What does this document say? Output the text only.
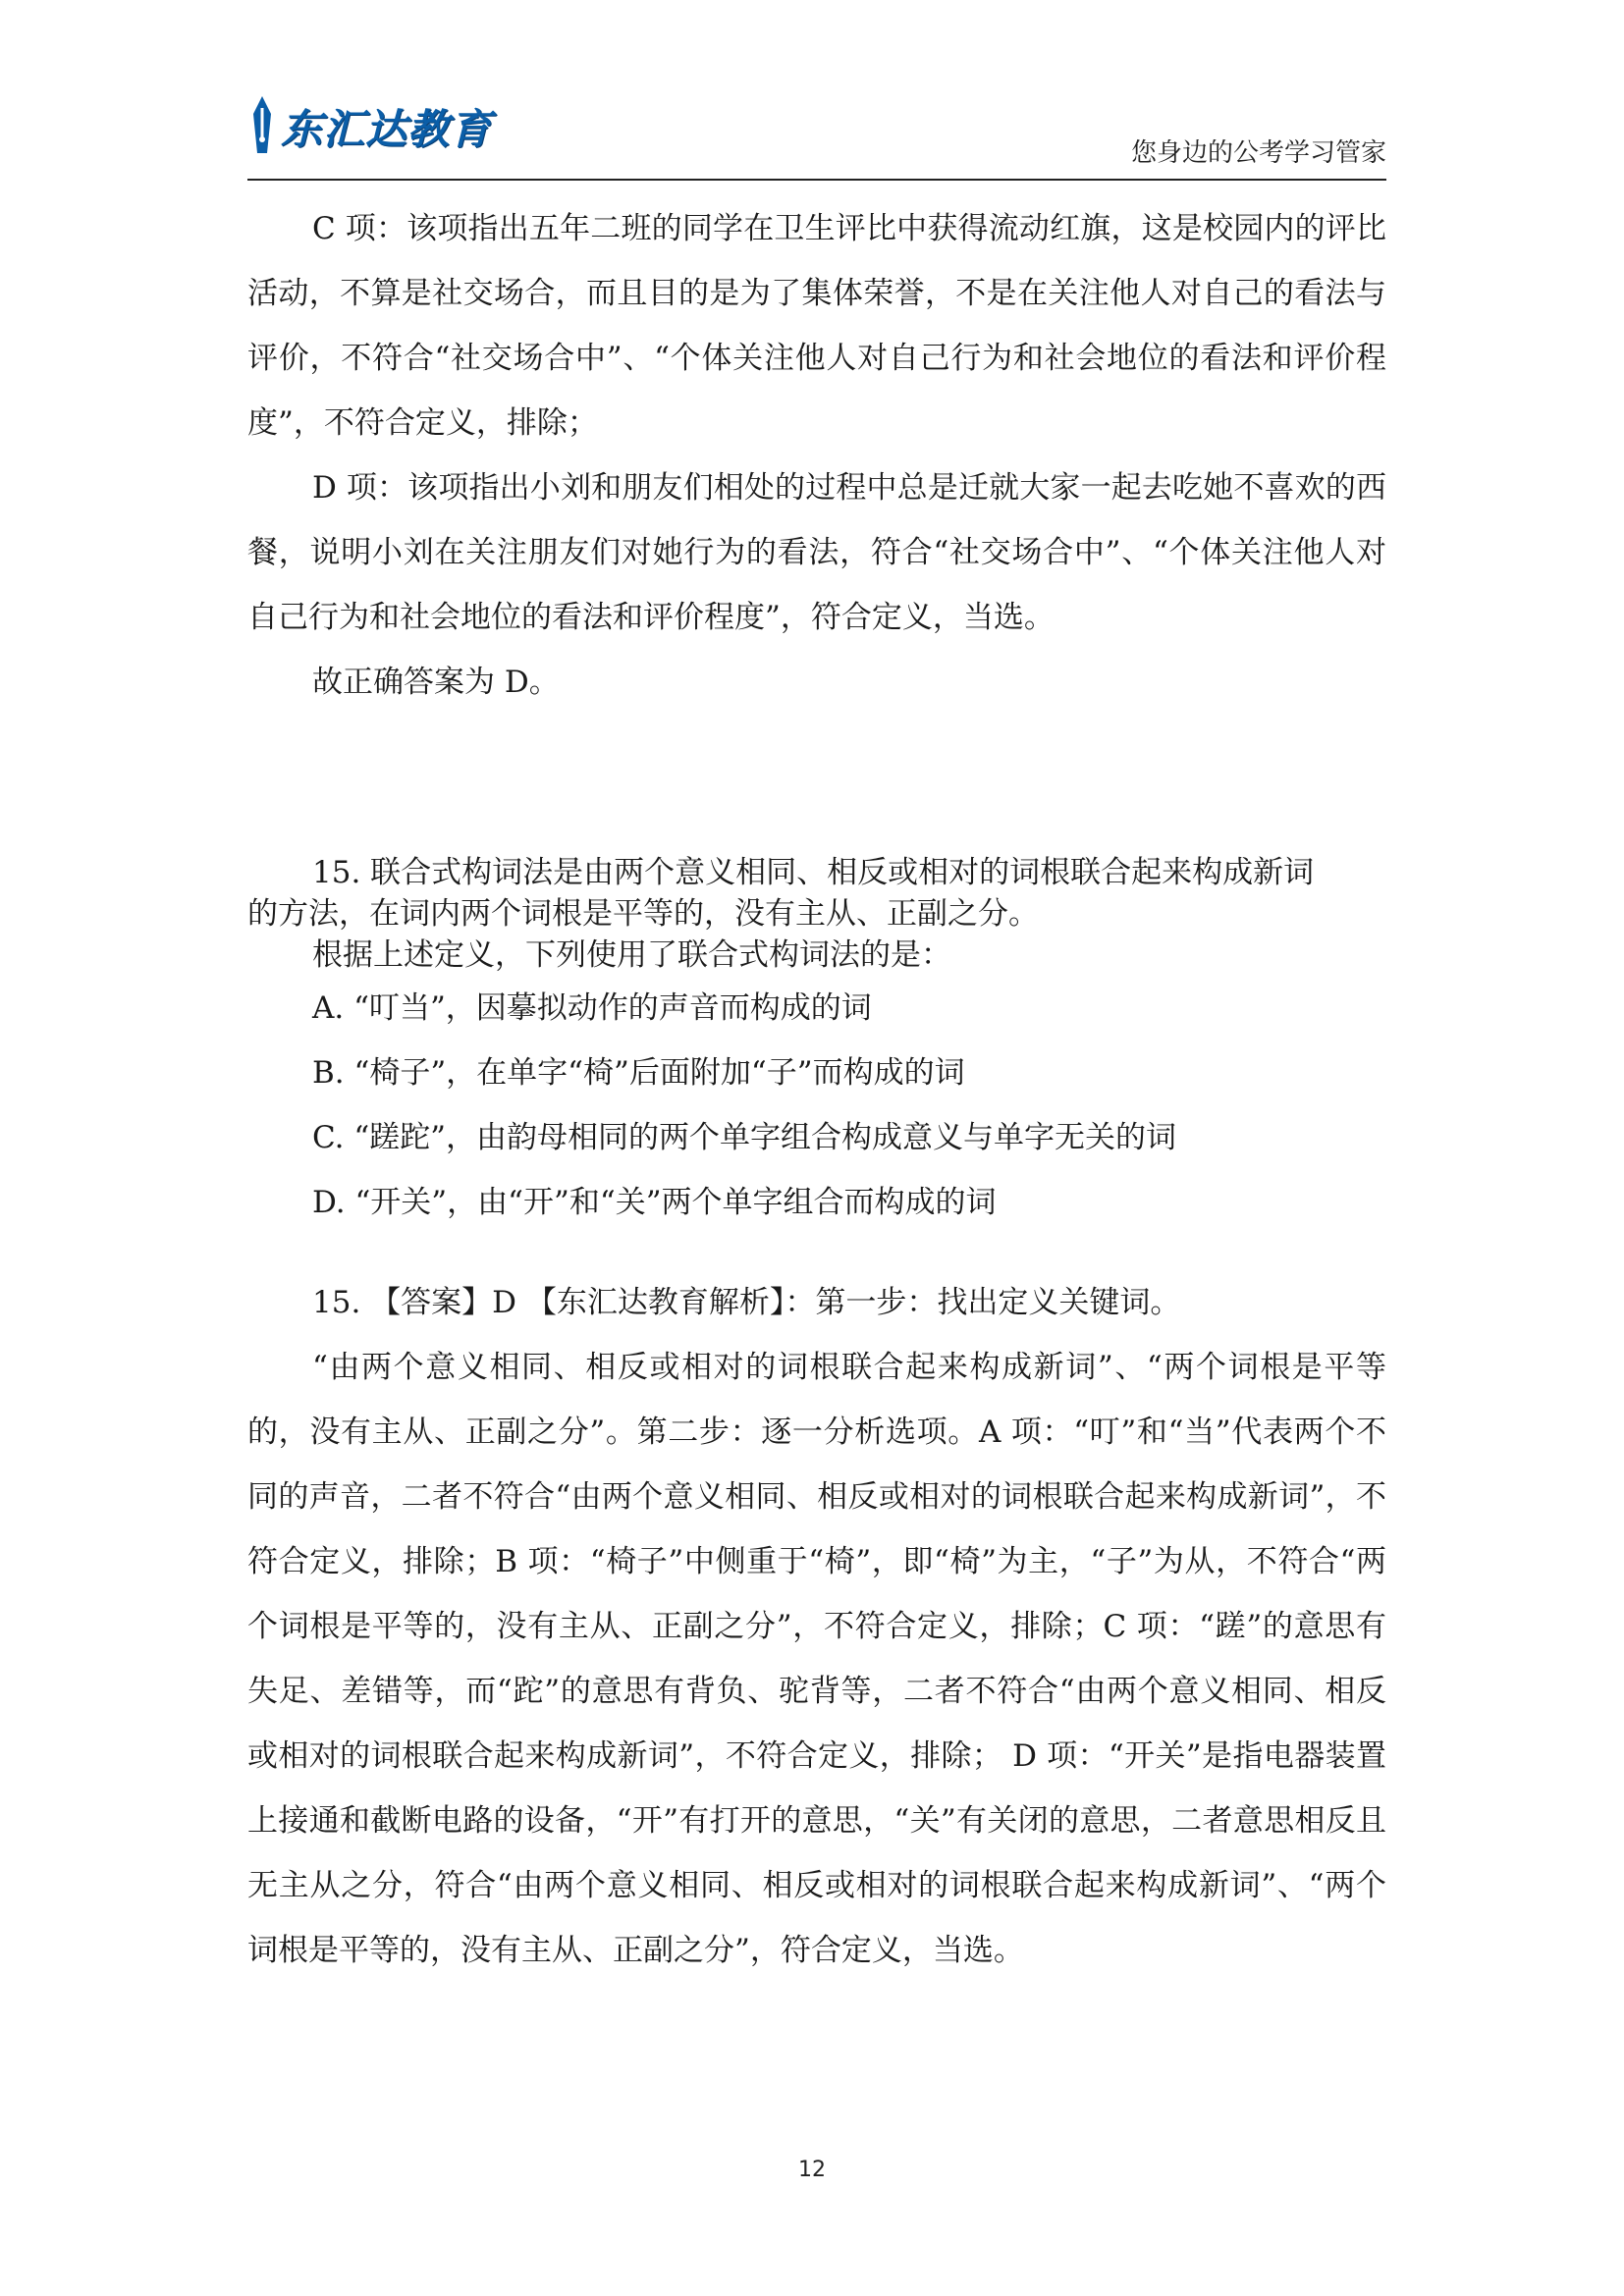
东汇达教育	您身边的公考学习管家

C 项：该项指出五年二班的同学在卫生评比中获得流动红旗，这是校园内的评比活动，不算是社交场合，而且目的是为了集体荣誉，不是在关注他人对自己的看法与评价，不符合“社交场合中”、“个体关注他人对自己行为和社会地位的看法和评价程度”，不符合定义，排除；

D 项：该项指出小刘和朋友们相处的过程中总是迁就大家一起去吃她不喜欢的西餐，说明小刘在关注朋友们对她行为的看法，符合“社交场合中”、“个体关注他人对自己行为和社会地位的看法和评价程度”，符合定义，当选。

故正确答案为 D。

15. 联合式构词法是由两个意义相同、相反或相对的词根联合起来构成新词

的方法，在词内两个词根是平等的，没有主从、正副之分。

根据上述定义，下列使用了联合式构词法的是：

A. “叮当”，因摹拟动作的声音而构成的词

B. “椅子”，在单字“椅”后面附加“子”而构成的词

C. “蹉跎”，由韵母相同的两个单字组合构成意义与单字无关的词

D. “开关”，由“开”和“关”两个单字组合而构成的词

15. 【答案】D 【东汇达教育解析】：第一步：找出定义关键词。

“由两个意义相同、相反或相对的词根联合起来构成新词”、“两个词根是平等的，没有主从、正副之分”。第二步：逐一分析选项。A 项：“叮”和“当”代表两个不同的声音，二者不符合“由两个意义相同、相反或相对的词根联合起来构成新词”，不符合定义，排除；B 项：“椅子”中侧重于“椅”，即“椅”为主，“子”为从，不符合“两个词根是平等的，没有主从、正副之分”，不符合定义，排除；C 项：“蹉”的意思有失足、差错等，而“跎”的意思有背负、驼背等，二者不符合“由两个意义相同、相反或相对的词根联合起来构成新词”，不符合定义，排除； D 项：“开关”是指电器装置上接通和截断电路的设备，“开”有打开的意思，“关”有关闭的意思，二者意思相反且无主从之分，符合“由两个意义相同、相反或相对的词根联合起来构成新词”、“两个词根是平等的，没有主从、正副之分”，符合定义，当选。

12
